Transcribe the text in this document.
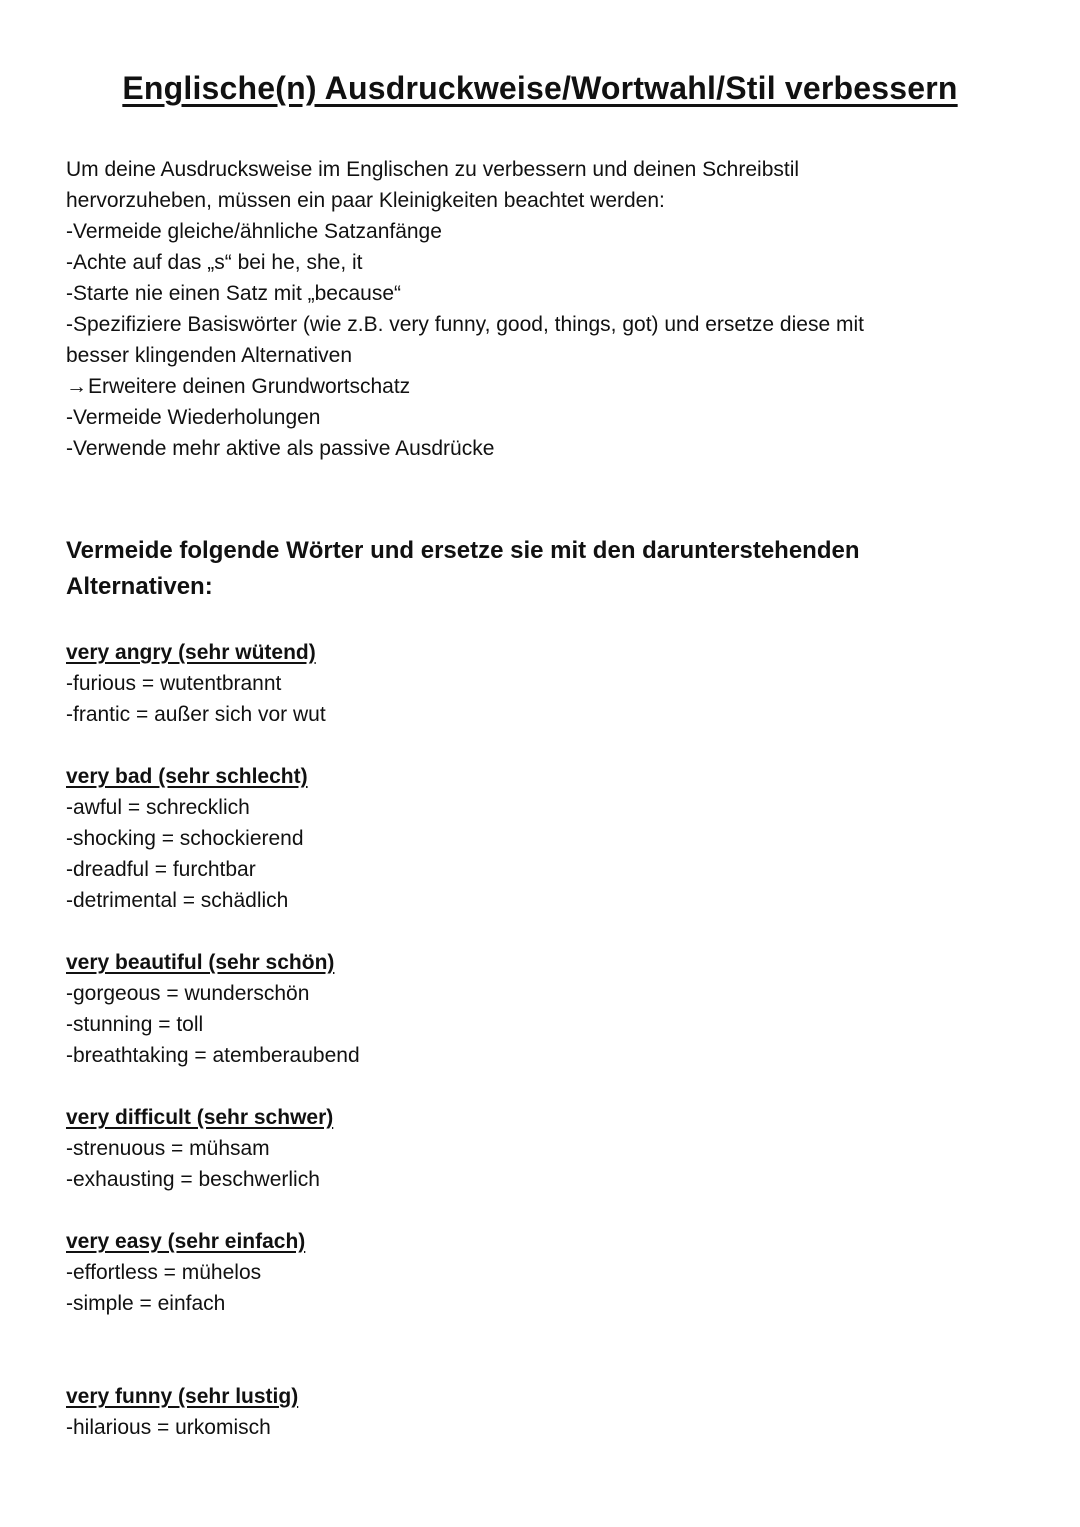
Englische(n) Ausdruckweise/Wortwahl/Stil verbessern
Um deine Ausdrucksweise im Englischen zu verbessern und deinen Schreibstil
hervorzuheben, müssen ein paar Kleinigkeiten beachtet werden:
-Vermeide gleiche/ähnliche Satzanfänge
-Achte auf das „s“ bei he, she, it
-Starte nie einen Satz mit „because“
-Spezifiziere Basiswörter (wie z.B. very funny, good, things, got) und ersetze diese mit
besser klingenden Alternativen
→Erweitere deinen Grundwortschatz
-Vermeide Wiederholungen
-Verwende mehr aktive als passive Ausdrücke
Vermeide folgende Wörter und ersetze sie mit den darunterstehenden
Alternativen:
very angry (sehr wütend)
-furious = wutentbrannt
-frantic = außer sich vor wut
very bad (sehr schlecht)
-awful = schrecklich
-shocking = schockierend
-dreadful = furchtbar
-detrimental = schädlich
very beautiful (sehr schön)
-gorgeous = wunderschön
-stunning = toll
-breathtaking = atemberaubend
very difficult (sehr schwer)
-strenuous = mühsam
-exhausting = beschwerlich
very easy (sehr einfach)
-effortless = mühelos
-simple = einfach
very funny (sehr lustig)
-hilarious = urkomisch
